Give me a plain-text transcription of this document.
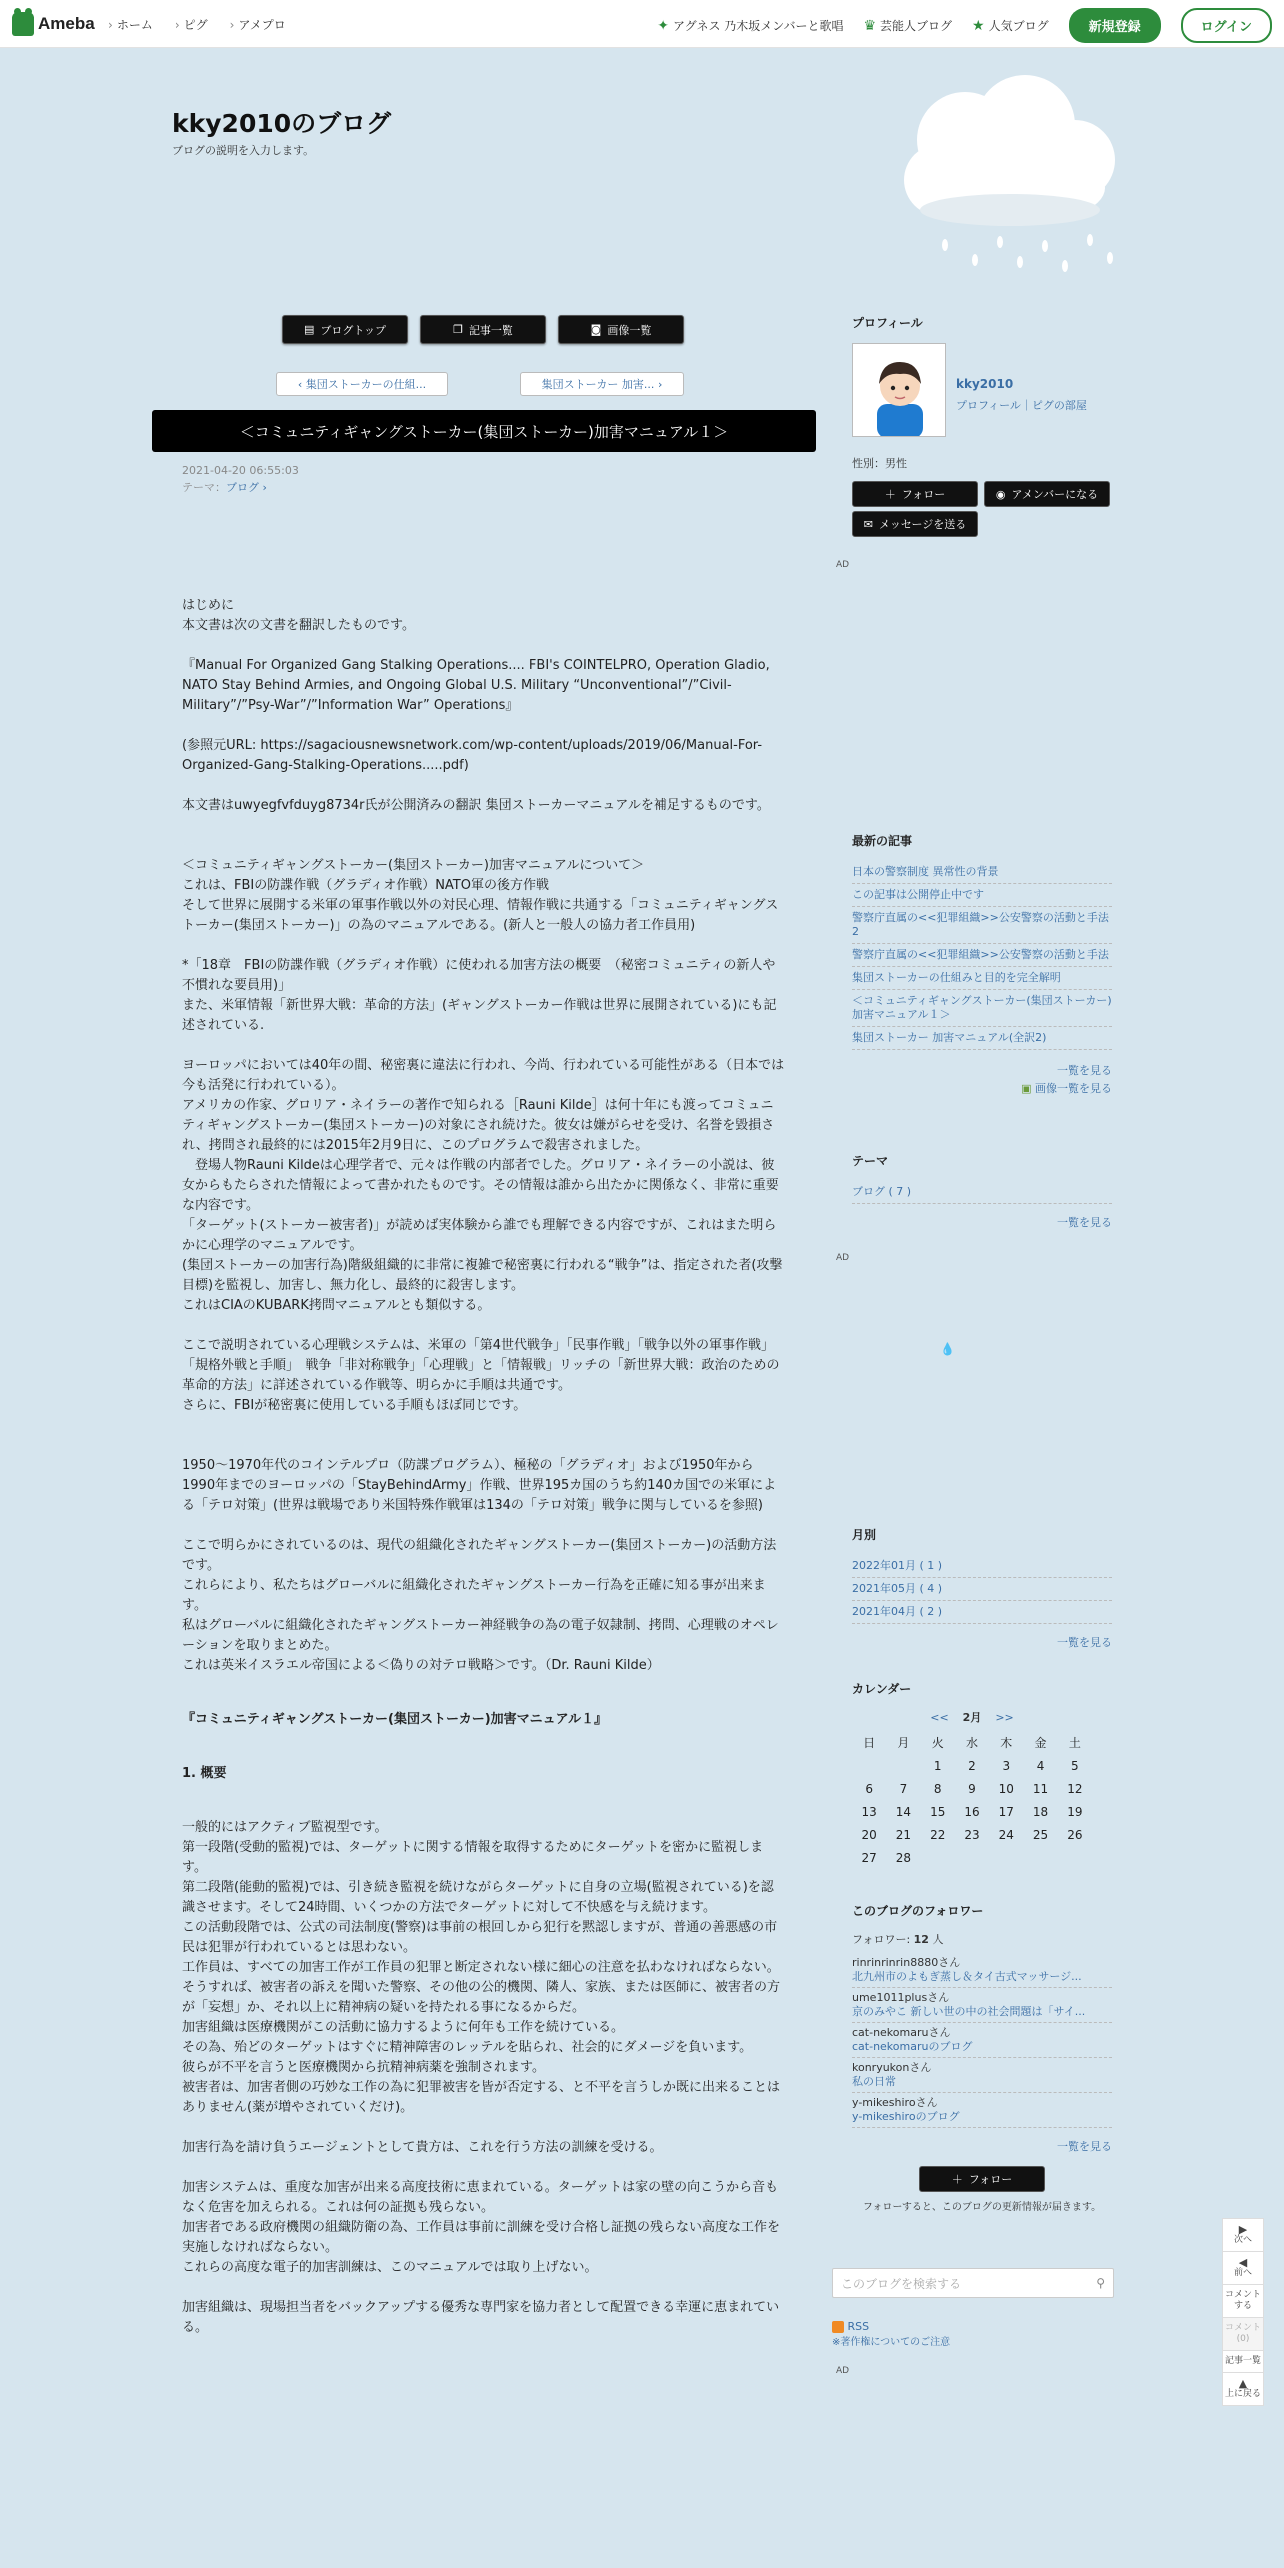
Ameba › ホーム › ピグ › アメプロ	✦ アグネス 乃木坂メンバーと歌唱 ♛ 芸能人ブログ ★ 人気ブログ	新規登録	ログイン
kky2010のブログ
ブログの説明を入力します。
▤ ブログトップ	❐ 記事一覧	◙ 画像一覧
‹
集団ストーカーの仕組...	集団ストーカー 加害...
›
＜コミュニティギャングストーカー(集団ストーカー)加害マニュアル１＞
2021-04-20 06:55:03
テーマ：ブログ ›

はじめに
本文書は次の文書を翻訳したものです。

『Manual For Organized Gang Stalking Operations.... FBI's COINTELPRO, Operation Gladio, NATO Stay Behind Armies, and Ongoing Global U.S. Military “Unconventional”/”Civil-Military”/”Psy-War”/”Information War” Operations』

(参照元URL: https://sagaciousnewsnetwork.com/wp-content/uploads/2019/06/Manual-For-Organized-Gang-Stalking-Operations.....pdf)

本文書はuwyegfvfduyg8734r氏が公開済みの翻訳 集団ストーカーマニュアルを補足するものです。

＜コミュニティギャングストーカー(集団ストーカー)加害マニュアルについて＞
これは、FBIの防諜作戦（グラディオ作戦）NATO軍の後方作戦
そして世界に展開する米軍の軍事作戦以外の対民心理、情報作戦に共通する「コミュニティギャングストーカー(集団ストーカー)」の為のマニュアルである。(新人と一般人の協力者工作員用)

*「18章　FBIの防諜作戦（グラディオ作戦）に使われる加害方法の概要　（秘密コミュニティの新人や不慣れな要員用)」
また、米軍情報「新世界大戦：革命的方法」(ギャングストーカー作戦は世界に展開されている)にも記述されている.

ヨーロッパにおいては40年の間、秘密裏に違法に行われ、今尚、行われている可能性がある（日本では今も活発に行われている）。
アメリカの作家、グロリア・ネイラーの著作で知られる［Rauni Kilde］は何十年にも渡ってコミュニティギャングストーカー(集団ストーカー)の対象にされ続けた。彼女は嫌がらせを受け、名誉を毀損され、拷問され最終的には2015年2月9日に、このプログラムで殺害されました。
　登場人物Rauni Kildeは心理学者で、元々は作戦の内部者でした。グロリア・ネイラーの小説は、彼女からもたらされた情報によって書かれたものです。その情報は誰から出たかに関係なく、非常に重要な内容です。
「ターゲット(ストーカー被害者)」が読めば実体験から誰でも理解できる内容ですが、これはまた明らかに心理学のマニュアルです。
(集団ストーカーの加害行為)階級組織的に非常に複雑で秘密裏に行われる“戦争”は、指定された者(攻撃目標)を監視し、加害し、無力化し、最終的に殺害します。
これはCIAのKUBARK拷問マニュアルとも類似する。

ここで説明されている心理戦システムは、米軍の「第4世代戦争」「民事作戦」「戦争以外の軍事作戦」「規格外戦と手順」　戦争「非対称戦争」「心理戦」と「情報戦」リッチの「新世界大戦：政治のための革命的方法」に詳述されている作戦等、明らかに手順は共通です。
さらに、FBIが秘密裏に使用している手順もほぼ同じです。

1950〜1970年代のコインテルプロ（防諜プログラム）、極秘の「グラディオ」および1950年から1990年までのヨーロッパの「StayBehindArmy」作戦、世界195カ国のうち約140カ国での米軍による「テロ対策」(世界は戦場であり米国特殊作戦軍は134の「テロ対策」戦争に関与しているを参照)

ここで明らかにされているのは、現代の組織化されたギャングストーカー(集団ストーカー)の活動方法です。
これらにより、私たちはグローバルに組織化されたギャングストーカー行為を正確に知る事が出来ます。
私はグローバルに組織化されたギャングストーカー神経戦争の為の電子奴隷制、拷問、心理戦のオペレーションを取りまとめた。
これは英米イスラエル帝国による＜偽りの対テロ戦略＞です。（Dr. Rauni Kilde）

『コミュニティギャングストーカー(集団ストーカー)加害マニュアル１』
1. 概要

一般的にはアクティブ監視型です。
第一段階(受動的監視)では、ターゲットに関する情報を取得するためにターゲットを密かに監視します。
第二段階(能動的監視)では、引き続き監視を続けながらターゲットに自身の立場(監視されている)を認識させます。そして24時間、いくつかの方法でターゲットに対して不快感を与え続けます。
この活動段階では、公式の司法制度(警察)は事前の根回しから犯行を黙認しますが、普通の善悪感の市民は犯罪が行われているとは思わない。
工作員は、すべての加害工作が工作員の犯罪と断定されない様に細心の注意を払わなければならない。
そうすれば、被害者の訴えを聞いた警察、その他の公的機関、隣人、家族、または医師に、被害者の方が「妄想」か、それ以上に精神病の疑いを持たれる事になるからだ。
加害組織は医療機関がこの活動に協力するように何年も工作を続けている。
その為、殆どのターゲットはすぐに精神障害のレッテルを貼られ、社会的にダメージを負います。
彼らが不平を言うと医療機関から抗精神病薬を強制されます。
被害者は、加害者側の巧妙な工作の為に犯罪被害を皆が否定する、と不平を言うしか既に出来ることはありません(薬が増やされていくだけ)。

加害行為を請け負うエージェントとして貴方は、これを行う方法の訓練を受ける。

加害システムは、重度な加害が出来る高度技術に恵まれている。ターゲットは家の壁の向こうから音もなく危害を加えられる。これは何の証拠も残らない。
加害者である政府機関の組織防衛の為、工作員は事前に訓練を受け合格し証拠の残らない高度な工作を実施しなければならない。
これらの高度な電子的加害訓練は、このマニュアルでは取り上げない。

加害組織は、現場担当者をバックアップする優秀な専門家を協力者として配置できる幸運に恵まれている。

プロフィール
kky2010
プロフィール｜ピグの部屋
性別：男性
＋ フォロー	◉ アメンバーになる
✉ メッセージを送る
AD
最新の記事
日本の警察制度 異常性の背景
この記事は公開停止中です
警察庁直属の<<犯罪組織>>公安警察の活動と手法2
警察庁直属の<<犯罪組織>>公安警察の活動と手法
集団ストーカーの仕組みと目的を完全解明
＜コミュニティギャングストーカー(集団ストーカー)加害マニュアル１＞
集団ストーカー 加害マニュアル(全訳2)
一覧を見る
▣ 画像一覧を見る
テーマ
ブログ ( 7 )
一覧を見る
AD
月別
2022年01月 ( 1 )
2021年05月 ( 4 )
2021年04月 ( 2 )
一覧を見る
カレンダー
<< 2月 >>
日	月	火	水	木	金	土
		1	2	3	4	5
6	7	8	9	10	11	12
13	14	15	16	17	18	19
20	21	22	23	24	25	26
27	28					
このブログのフォロワー
フォロワー: 12 人
rinrinrinrin8880さん
北九州市のよもぎ蒸し＆タイ古式マッサージ...
ume1011plusさん
京のみやこ 新しい世の中の社会問題は「サイ...
cat-nekomaruさん
cat-nekomaruのブログ
konryukonさん
私の日常
y-mikeshiroさん
y-mikeshiroのブログ
一覧を見る
＋ フォロー
フォローすると、このブログの更新情報が届きます。
このブログを検索する	⚲
RSS
※著作権についてのご注意
AD
💧
▶
次へ
◀
前へ
コメントする
コメント(0)
記事一覧
▲
上に戻る
